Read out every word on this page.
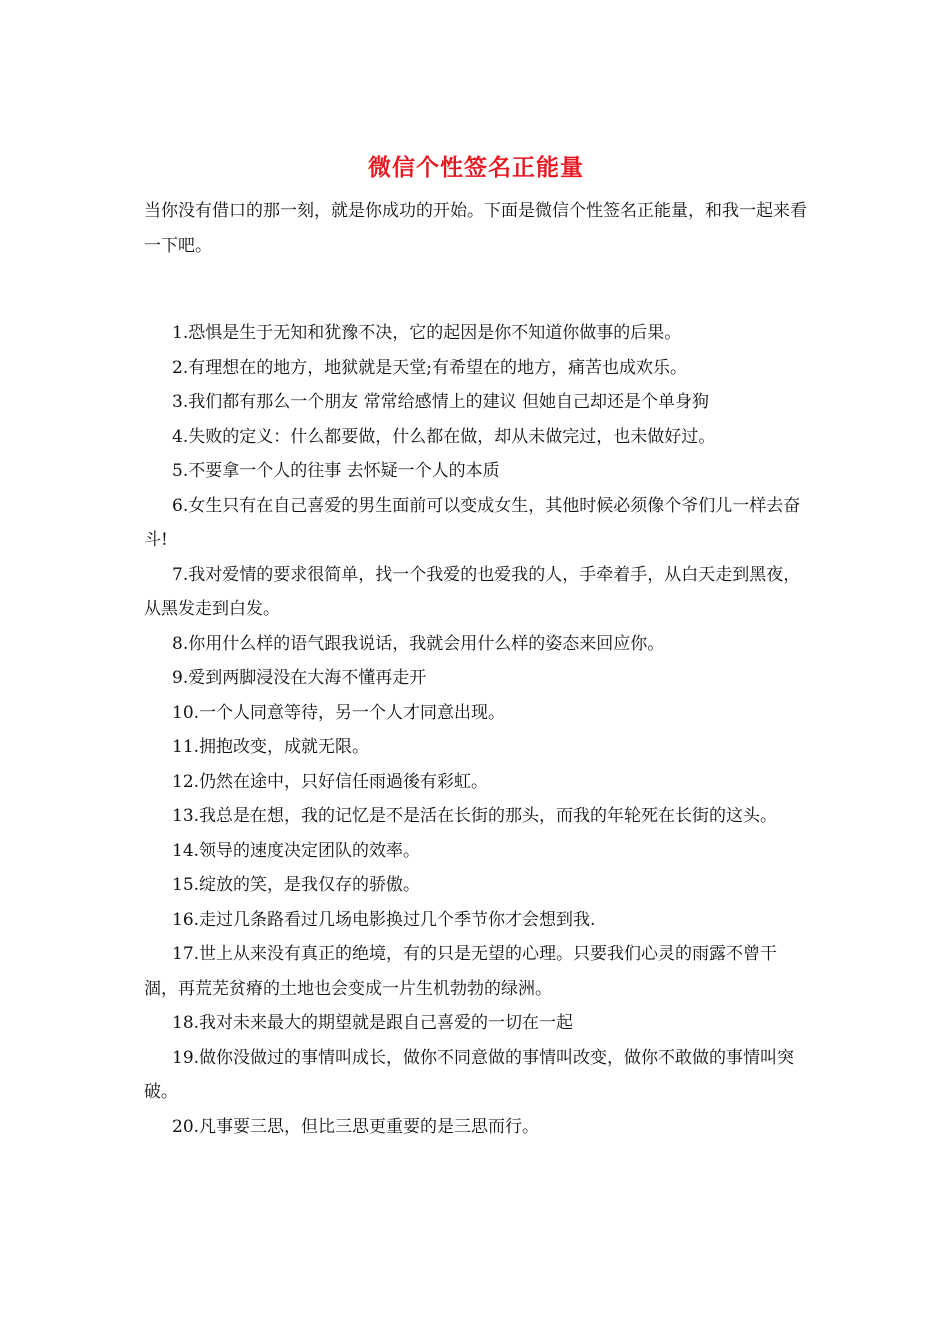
微信个性签名正能量

当你没有借口的那一刻，就是你成功的开始。下面是微信个性签名正能量，和我一起来看一下吧。

1.恐惧是生于无知和犹豫不决，它的起因是你不知道你做事的后果。

2.有理想在的地方，地狱就是天堂;有希望在的地方，痛苦也成欢乐。

3.我们都有那么一个朋友 常常给感情上的建议 但她自己却还是个单身狗

4.失败的定义：什么都要做，什么都在做，却从未做完过，也未做好过。

5.不要拿一个人的往事 去怀疑一个人的本质

6.女生只有在自己喜爱的男生面前可以变成女生，其他时候必须像个爷们儿一样去奋斗!

7.我对爱情的要求很简单，找一个我爱的也爱我的人，手牵着手，从白天走到黑夜，从黑发走到白发。

8.你用什么样的语气跟我说话，我就会用什么样的姿态来回应你。

9.爱到两脚浸没在大海不懂再走开

10.一个人同意等待，另一个人才同意出现。

11.拥抱改变，成就无限。

12.仍然在途中，只好信任雨過後有彩虹。

13.我总是在想，我的记忆是不是活在长街的那头，而我的年轮死在长街的这头。

14.领导的速度决定团队的效率。

15.绽放的笑，是我仅存的骄傲。

16.走过几条路看过几场电影换过几个季节你才会想到我.

17.世上从来没有真正的绝境，有的只是无望的心理。只要我们心灵的雨露不曾干涸，再荒芜贫瘠的土地也会变成一片生机勃勃的绿洲。

18.我对未来最大的期望就是跟自己喜爱的一切在一起

19.做你没做过的事情叫成长，做你不同意做的事情叫改变，做你不敢做的事情叫突破。

20.凡事要三思，但比三思更重要的是三思而行。
